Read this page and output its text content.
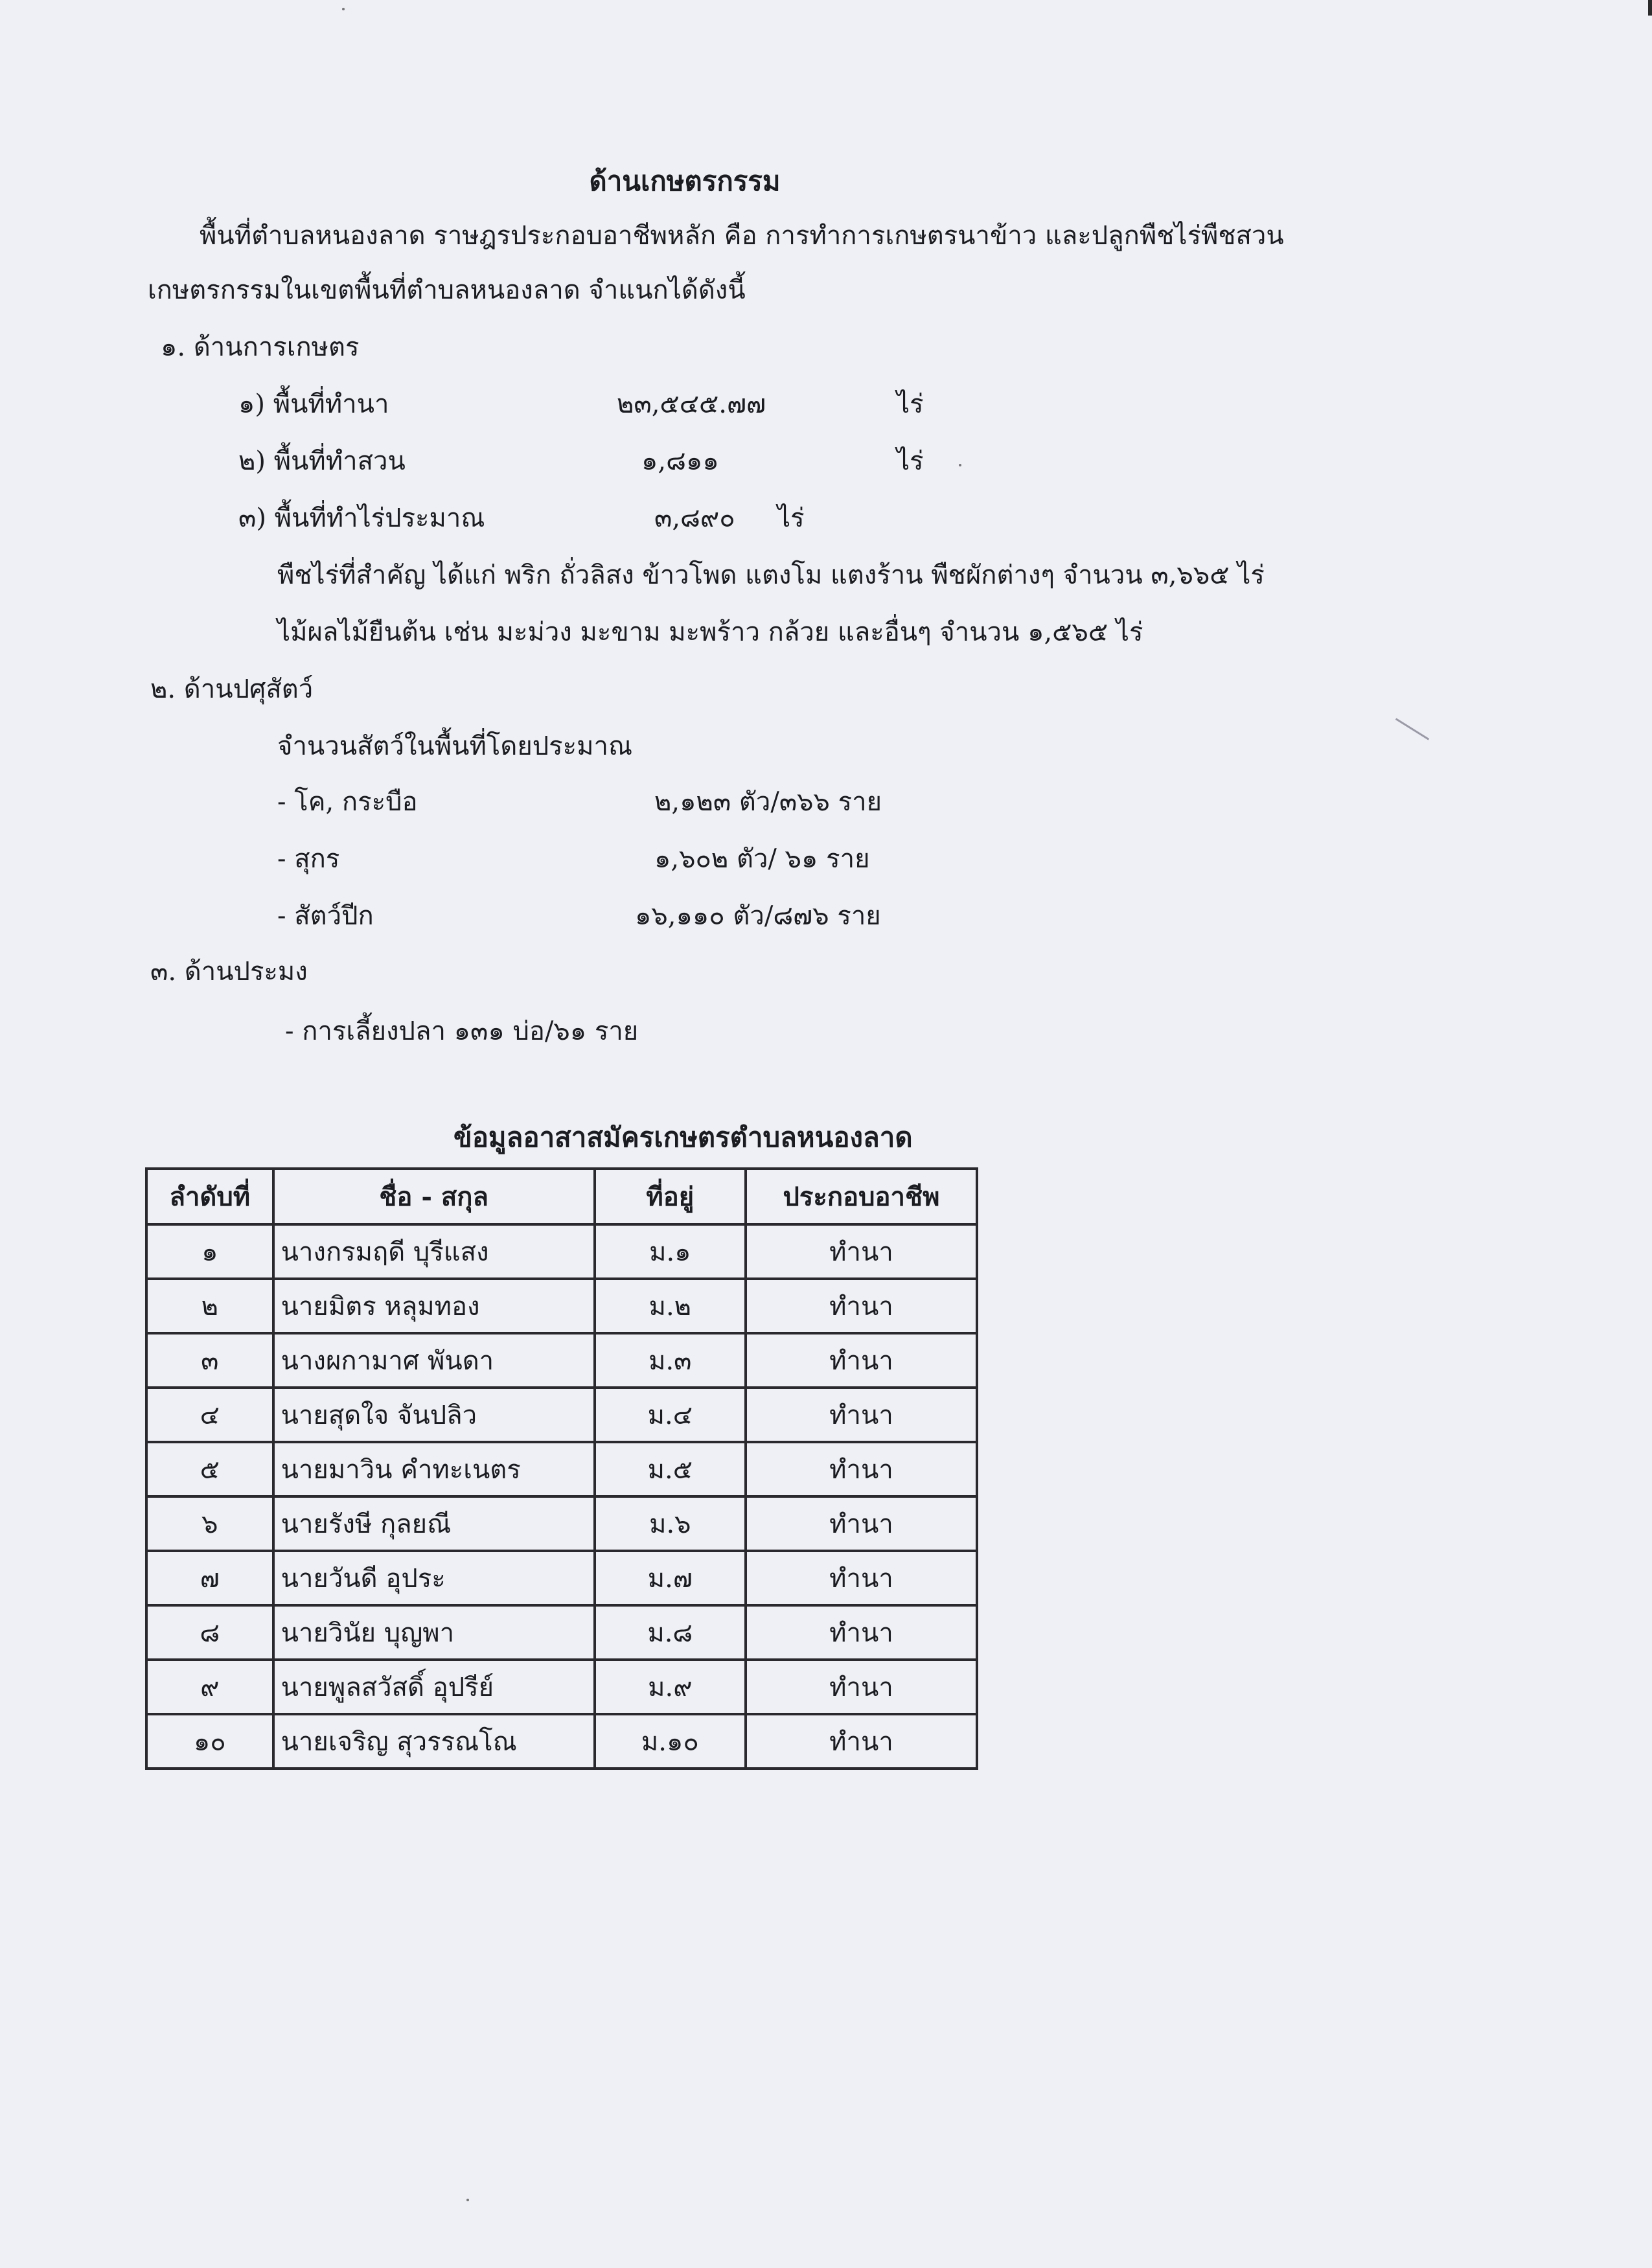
ด้านเกษตรกรรม
พื้นที่ตำบลหนองลาด ราษฎรประกอบอาชีพหลัก คือ การทำการเกษตรนาข้าว และปลูกพืชไร่พืชสวน
เกษตรกรรมในเขตพื้นที่ตำบลหนองลาด จำแนกได้ดังนี้
๑. ด้านการเกษตร
๑) พื้นที่ทำนา	๒๓,๕๔๕.๗๗	ไร่
๒) พื้นที่ทำสวน	๑,๘๑๑	ไร่
๓) พื้นที่ทำไร่ประมาณ	๓,๘๙๐ ไร่
พืชไร่ที่สำคัญ ได้แก่ พริก ถั่วลิสง ข้าวโพด แตงโม แตงร้าน พืชผักต่างๆ จำนวน ๓,๖๖๕ ไร่
ไม้ผลไม้ยืนต้น เช่น มะม่วง มะขาม มะพร้าว กล้วย และอื่นๆ จำนวน ๑,๕๖๕ ไร่
๒. ด้านปศุสัตว์
จำนวนสัตว์ในพื้นที่โดยประมาณ
- โค, กระบือ	๒,๑๒๓ ตัว/๓๖๖ ราย
- สุกร	๑,๖๐๒ ตัว/ ๖๑ ราย
- สัตว์ปีก	๑๖,๑๑๐ ตัว/๘๗๖ ราย
๓. ด้านประมง
- การเลี้ยงปลา ๑๓๑ บ่อ/๖๑ ราย
ข้อมูลอาสาสมัครเกษตรตำบลหนองลาด
ลำดับที่	ชื่อ - สกุล	ที่อยู่	ประกอบอาชีพ
๑	นางกรมฤดี บุรีแสง	ม.๑	ทำนา
๒	นายมิตร หลุมทอง	ม.๒	ทำนา
๓	นางผกามาศ พันดา	ม.๓	ทำนา
๔	นายสุดใจ จันปลิว	ม.๔	ทำนา
๕	นายมาวิน คำทะเนตร	ม.๕	ทำนา
๖	นายรังษี กุลยณี	ม.๖	ทำนา
๗	นายวันดี อุประ	ม.๗	ทำนา
๘	นายวินัย บุญพา	ม.๘	ทำนา
๙	นายพูลสวัสดิ์ อุปรีย์	ม.๙	ทำนา
๑๐	นายเจริญ สุวรรณโณ	ม.๑๐	ทำนา
